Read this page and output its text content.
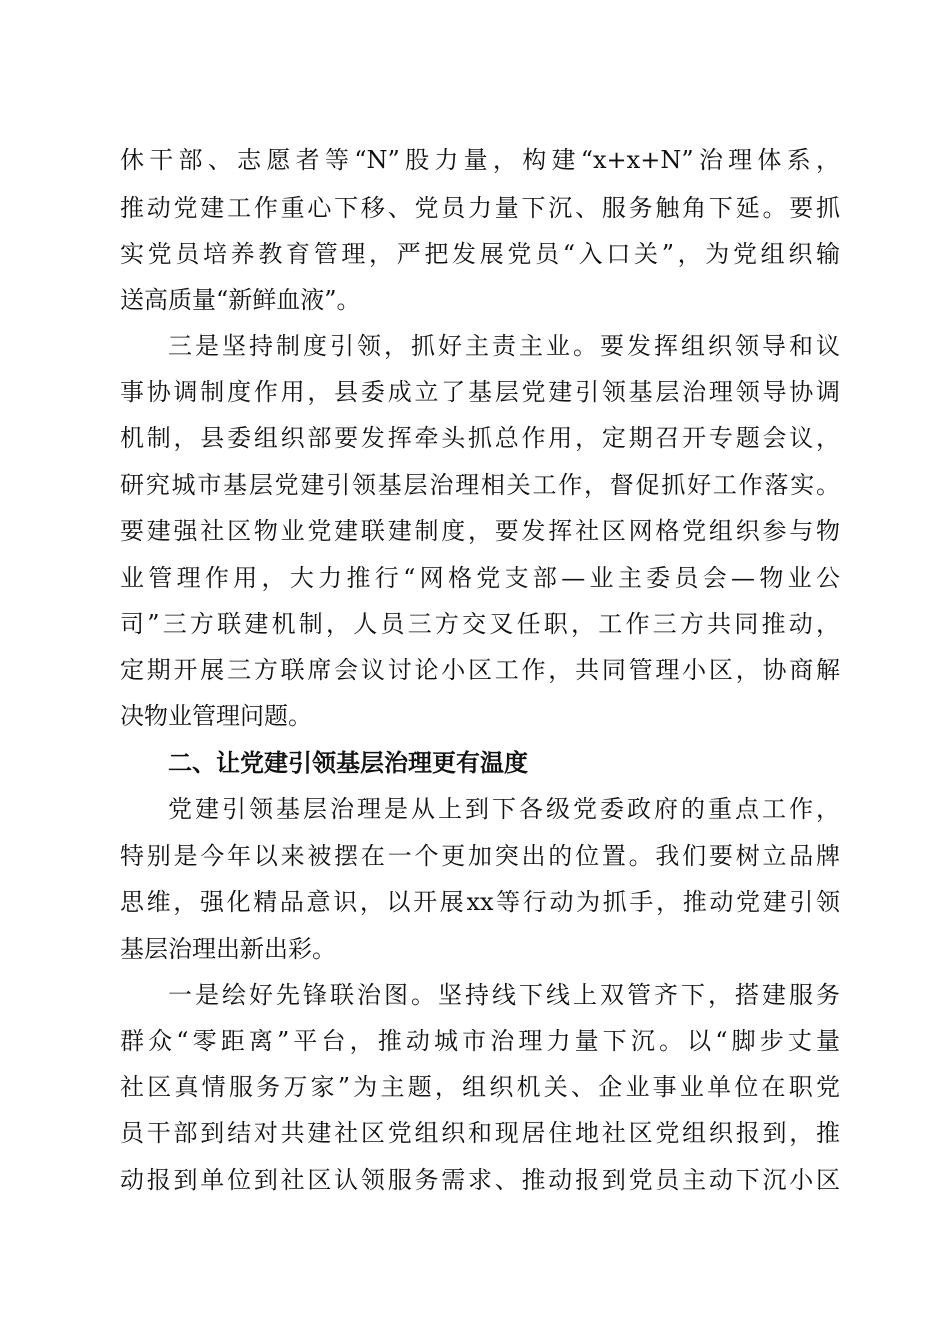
休干部、志愿者等“N”股力量，构建“x+x+N”治理体系，
推动党建工作重心下移、党员力量下沉、服务触角下延。要抓
实党员培养教育管理，严把发展党员“入口关”，为党组织输
送高质量“新鲜血液”。
三是坚持制度引领，抓好主责主业。要发挥组织领导和议
事协调制度作用，县委成立了基层党建引领基层治理领导协调
机制，县委组织部要发挥牵头抓总作用，定期召开专题会议，
研究城市基层党建引领基层治理相关工作，督促抓好工作落实。
要建强社区物业党建联建制度，要发挥社区网格党组织参与物
业管理作用，大力推行“网格党支部—业主委员会—物业公
司”三方联建机制，人员三方交叉任职，工作三方共同推动，
定期开展三方联席会议讨论小区工作，共同管理小区，协商解
决物业管理问题。
二、让党建引领基层治理更有温度
党建引领基层治理是从上到下各级党委政府的重点工作，
特别是今年以来被摆在一个更加突出的位置。我们要树立品牌
思维，强化精品意识，以开展xx等行动为抓手，推动党建引领
基层治理出新出彩。
一是绘好先锋联治图。坚持线下线上双管齐下，搭建服务
群众“零距离”平台，推动城市治理力量下沉。以“脚步丈量
社区真情服务万家”为主题，组织机关、企业事业单位在职党
员干部到结对共建社区党组织和现居住地社区党组织报到，推
动报到单位到社区认领服务需求、推动报到党员主动下沉小区
